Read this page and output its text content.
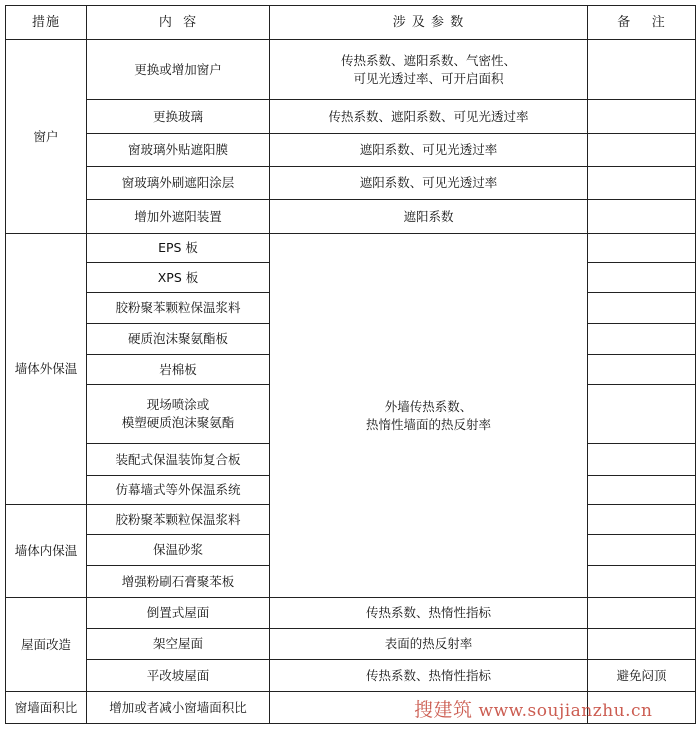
措施	内  容	涉 及 参 数	备    注
窗户	更换或增加窗户	传热系数、遮阳系数、气密性、
可见光透过率、可开启面积	
	更换玻璃	传热系数、遮阳系数、可见光透过率	
	窗玻璃外贴遮阳膜	遮阳系数、可见光透过率	
	窗玻璃外刷遮阳涂层	遮阳系数、可见光透过率	
	增加外遮阳装置	遮阳系数	
墙体外保温	EPS 板	外墙传热系数、
热惰性墙面的热反射率	
	XPS 板		
	胶粉聚苯颗粒保温浆料		
	硬质泡沫聚氨酯板		
	岩棉板		
	现场喷涂或
模塑硬质泡沫聚氨酯		
	装配式保温装饰复合板		
	仿幕墙式等外保温系统		
墙体内保温	胶粉聚苯颗粒保温浆料		
	保温砂浆		
	增强粉刷石膏聚苯板		
屋面改造	倒置式屋面	传热系数、热惰性指标	
	架空屋面	表面的热反射率	
	平改坡屋面	传热系数、热惰性指标	避免闷顶
窗墙面积比	增加或者减小窗墙面积比			搜建筑 www.soujianzhu.cn
